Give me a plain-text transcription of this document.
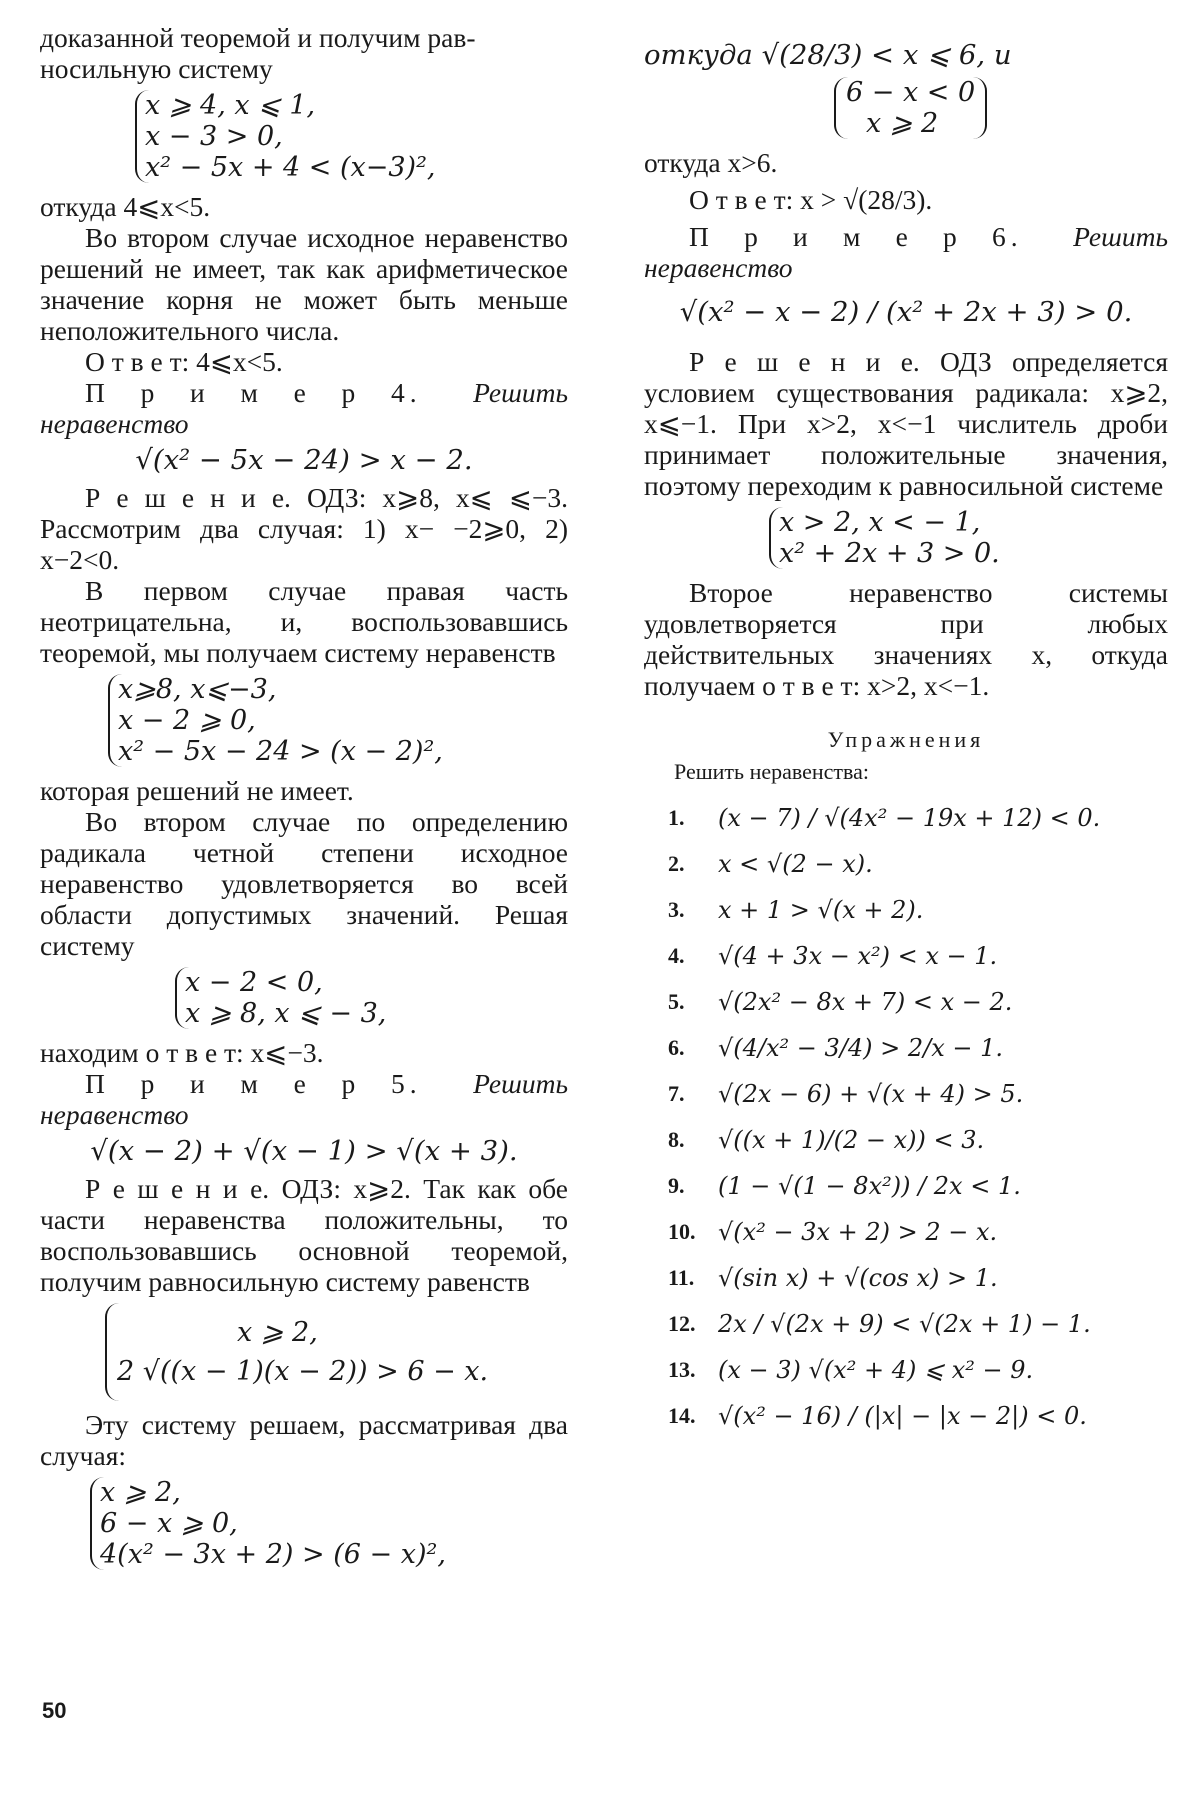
доказанной теоремой и получим рав-

носильную систему

x ⩾ 4, x ⩽ 1,
x − 3 > 0,
x² − 5x + 4 < (x−3)²,

откуда 4⩽x<5.

Во втором случае исходное неравенство решений не имеет, так как арифметическое значение корня не может быть меньше неположительного числа.

О т в е т: 4⩽x<5.

П р и м е р 4. Решить неравенство

√(x² − 5x − 24) > x − 2.

Р е ш е н и е. ОДЗ: x⩾8, x⩽ ⩽−3. Рассмотрим два случая: 1) x− −2⩾0, 2) x−2<0.

В первом случае правая часть неотрицательна, и, воспользовавшись теоремой, мы получаем систему неравенств

x⩾8, x⩽−3,
x − 2 ⩾ 0,
x² − 5x − 24 > (x − 2)²,

которая решений не имеет.

Во втором случае по определению радикала четной степени исходное неравенство удовлетворяется во всей области допустимых значений. Решая систему

x − 2 < 0,
x ⩾ 8, x ⩽ − 3,

находим о т в е т: x⩽−3.

П р и м е р 5. Решить неравенство

√(x − 2) + √(x − 1) > √(x + 3).

Р е ш е н и е. ОДЗ: x⩾2. Так как обе части неравенства положительны, то воспользовавшись основной теоремой, получим равносильную систему равенств

x ⩾ 2,
2 √((x − 1)(x − 2)) > 6 − x.

Эту систему решаем, рассматривая два случая:

x ⩾ 2,
6 − x ⩾ 0,
4(x² − 3x + 2) > (6 − x)²,

откуда √(28/3) < x ⩽ 6, и

6 − x < 0
x ⩾ 2

откуда x>6.

О т в е т: x > √(28/3).

П р и м е р 6. Решить неравенство

√(x² − x − 2) / (x² + 2x + 3) > 0.

Р е ш е н и е. ОДЗ определяется условием существования радикала: x⩾2, x⩽−1. При x>2, x<−1 числитель дроби принимает положительные значения, поэтому переходим к равносильной системе

x > 2, x < − 1,
x² + 2x + 3 > 0.

Второе неравенство системы удовлетворяется при любых действительных значениях x, откуда получаем о т в е т: x>2, x<−1.

Упражнения
Решить неравенства:
1.	(x − 7) / √(4x² − 19x + 12) < 0.
2.	x < √(2 − x).
3.	x + 1 > √(x + 2).
4.	√(4 + 3x − x²) < x − 1.
5.	√(2x² − 8x + 7) < x − 2.
6.	√(4/x² − 3/4) > 2/x − 1.
7.	√(2x − 6) + √(x + 4) > 5.
8.	√((x + 1)/(2 − x)) < 3.
9.	(1 − √(1 − 8x²)) / 2x < 1.
10. √(x² − 3x + 2) > 2 − x.
11. √(sin x) + √(cos x) > 1.
12. 2x / √(2x + 9) < √(2x + 1) − 1.
13. (x − 3) √(x² + 4) ⩽ x² − 9.
14. √(x² − 16) / (|x| − |x − 2|) < 0.
50
